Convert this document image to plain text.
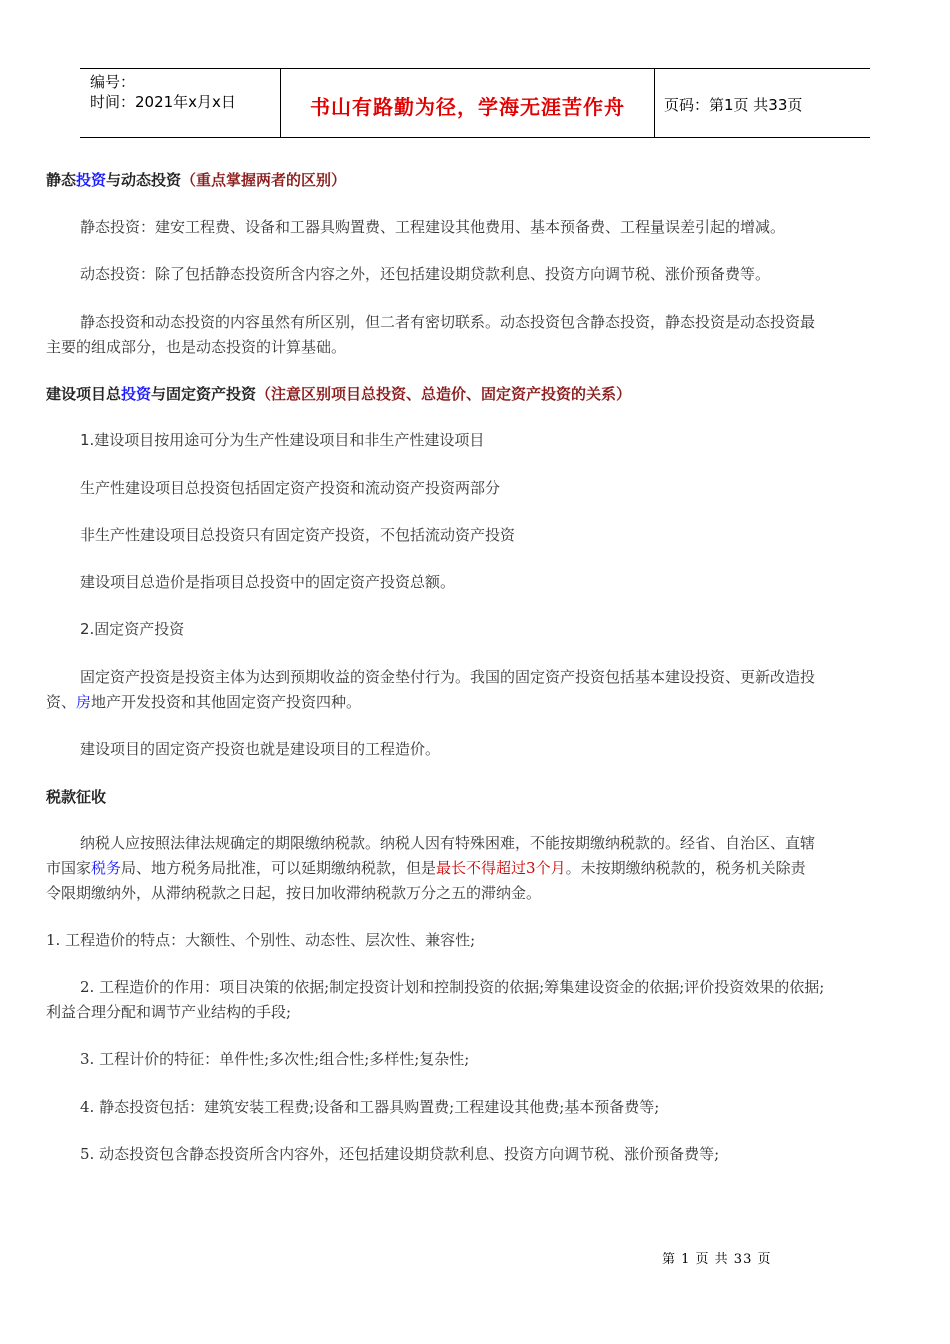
编号：
时间：2021年x月x日	书山有路勤为径，学海无涯苦作舟	页码：第1页 共33页
静态投资与动态投资（重点掌握两者的区别）
静态投资：建安工程费、设备和工器具购置费、工程建设其他费用、基本预备费、工程量误差引起的增减。
动态投资：除了包括静态投资所含内容之外，还包括建设期贷款利息、投资方向调节税、涨价预备费等。
静态投资和动态投资的内容虽然有所区别，但二者有密切联系。动态投资包含静态投资，静态投资是动态投资最
主要的组成部分，也是动态投资的计算基础。
建设项目总投资与固定资产投资（注意区别项目总投资、总造价、固定资产投资的关系）
1.建设项目按用途可分为生产性建设项目和非生产性建设项目
生产性建设项目总投资包括固定资产投资和流动资产投资两部分
非生产性建设项目总投资只有固定资产投资，不包括流动资产投资
建设项目总造价是指项目总投资中的固定资产投资总额。
2.固定资产投资
固定资产投资是投资主体为达到预期收益的资金垫付行为。我国的固定资产投资包括基本建设投资、更新改造投
资、房地产开发投资和其他固定资产投资四种。
建设项目的固定资产投资也就是建设项目的工程造价。
税款征收
纳税人应按照法律法规确定的期限缴纳税款。纳税人因有特殊困难，不能按期缴纳税款的。经省、自治区、直辖
市国家税务局、地方税务局批准，可以延期缴纳税款，但是最长不得超过3个月。未按期缴纳税款的，税务机关除责
令限期缴纳外，从滞纳税款之日起，按日加收滞纳税款万分之五的滞纳金。
1. 工程造价的特点：大额性、个别性、动态性、层次性、兼容性;
2. 工程造价的作用：项目决策的依据;制定投资计划和控制投资的依据;筹集建设资金的依据;评价投资效果的依据;
利益合理分配和调节产业结构的手段;
3. 工程计价的特征：单件性;多次性;组合性;多样性;复杂性;
4. 静态投资包括：建筑安装工程费;设备和工器具购置费;工程建设其他费;基本预备费等;
5. 动态投资包含静态投资所含内容外，还包括建设期贷款利息、投资方向调节税、涨价预备费等;
第 1 页 共 33 页
